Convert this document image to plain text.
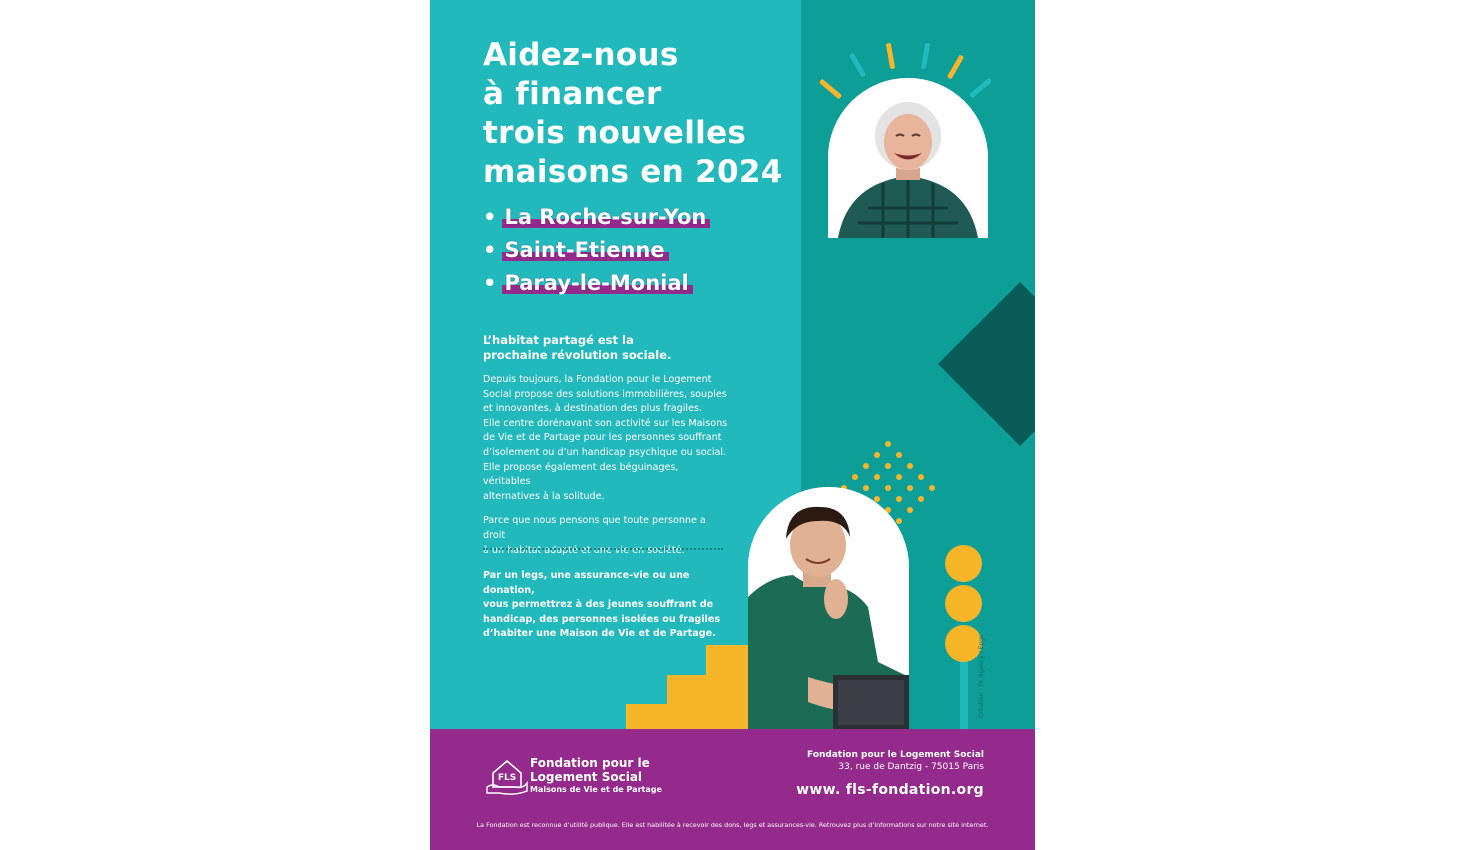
Création : FK Agency / Epgs
Aidez-nous
à financer
trois nouvelles
maisons en 2024
• La Roche-sur-Yon
• Saint-Etienne
• Paray-le-Monial
L’habitat partagé est la
prochaine révolution sociale.

Depuis toujours, la Fondation pour le Logement
Social propose des solutions immobilières, souples
et innovantes, à destination des plus fragiles.
Elle centre dorénavant son activité sur les Maisons
de Vie et de Partage pour les personnes souffrant
d’isolement ou d’un handicap psychique ou social.
Elle propose également des béguinages, véritables
alternatives à la solitude.

Parce que nous pensons que toute personne a droit
à un habitat adapté et une vie en société.

Par un legs, une assurance-vie ou une donation,
vous permettrez à des jeunes souffrant de
handicap, des personnes isolées ou fragiles
d’habiter une Maison de Vie et de Partage.
FLS
Fondation pour le
Logement Social
Maisons de Vie et de Partage
Fondation pour le Logement Social
33, rue de Dantzig - 75015 Paris
www. fls-fondation.org
La Fondation est reconnue d’utilité publique. Elle est habilitée à recevoir des dons, legs et assurances-vie. Retrouvez plus d’informations sur notre site internet.
